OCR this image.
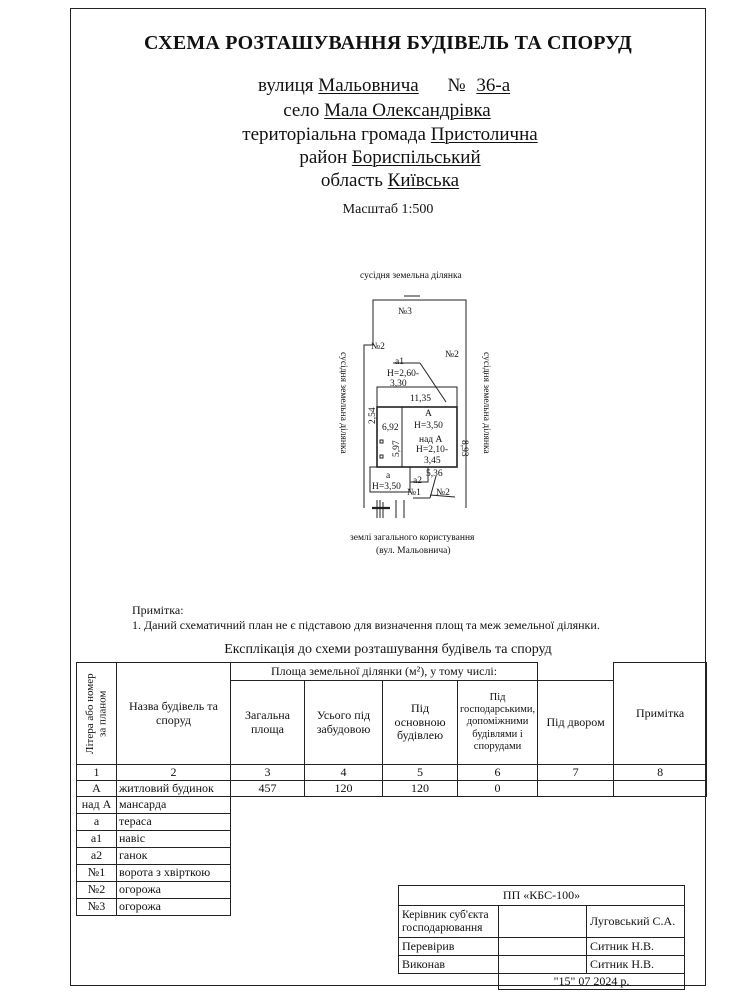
СХЕМА РОЗТАШУВАННЯ БУДІВЕЛЬ ТА СПОРУД
вулиця Мальовнича № 36-а
село Мала Олександрівка
територіальна громада Пристолична
район Бориспільський
область Київська
Масштаб 1:500
сусідня земельна ділянка
№3
№2
№2
a1
Н=2,60-
3,30
11,35
А
Н=3,50
6,92
над А
Н=2,10-
3,45
5,36
a
Н=3,50
a2
№1 №2
землі загального користування
(вул. Мальовнича)
2,54
5,97	8,93
сусідня земельна ділянка	сусідня земельна ділянка
Примітка:
1. Даний схематичний план не є підставою для визначення площ та меж земельної ділянки.
Експлікація до схеми розташування будівель та споруд
Літера або номер за планом	Назва будівель та споруд	Площа земельної ділянки (м²), у тому числі:					Примітка
		Загальна площа	Усього під забудовою	Під основною будівлею	Під господарськими, допоміжними будівлями і спорудами	Під двором	
1	2	3	4	5	6	7	8
А	житловий будинок	457	120	120	0		
над А	мансарда						
а	тераса						
а1	навіс						
а2	ганок						
№1	ворота з хвірткою						
№2	огорожа						
№3	огорожа						
ПП «КБС-100»		
Керівник суб'єкта господарювання		Луговський С.А.
Перевірив		Ситник Н.В.
Виконав		Ситник Н.В.
	"15" 07 2024 р.	
